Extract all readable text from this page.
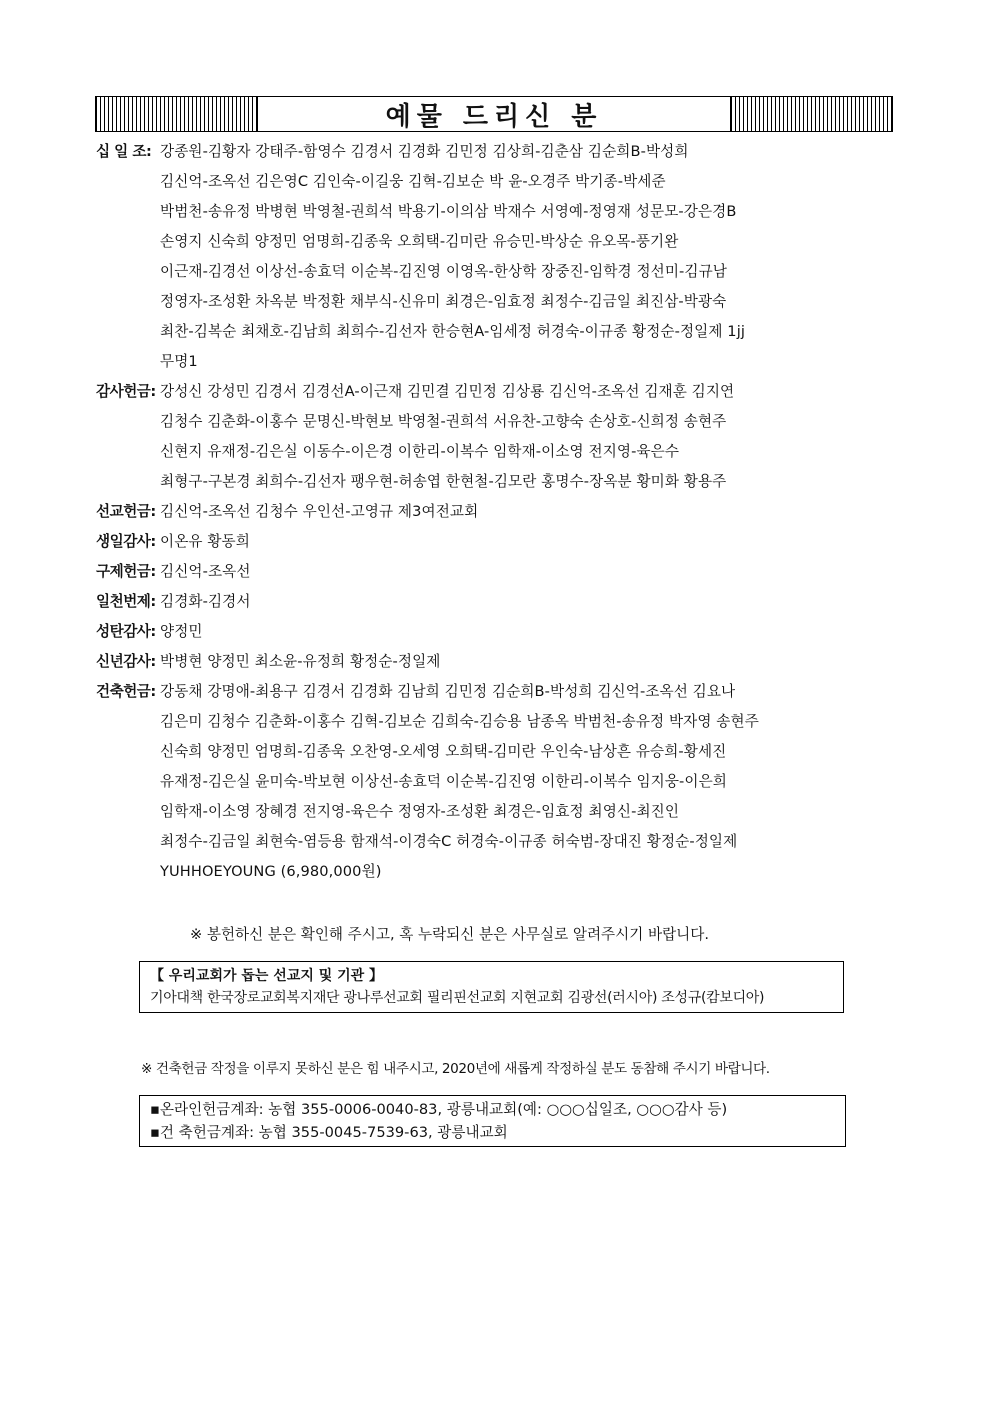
예물 드리신 분
십 일 조: 강종원-김황자 강태주-함영수 김경서 김경화 김민정 김상희-김춘삼 김순희B-박성희
김신억-조옥선 김은영C 김인숙-이길웅 김혁-김보순 박 윤-오경주 박기종-박세준
박범천-송유정 박병현 박영철-권희석 박용기-이의삼 박재수 서영예-정영재 성문모-강은경B
손영지 신숙희 양정민 엄명희-김종욱 오희택-김미란 유승민-박상순 유오목-풍기완
이근재-김경선 이상선-송효덕 이순복-김진영 이영옥-한상학 장중진-임학경 정선미-김규남
정영자-조성환 차옥분 박정환 채부식-신유미 최경은-임효정 최정수-김금일 최진삼-박광숙
최찬-김복순 최채호-김남희 최희수-김선자 한승현A-임세정 허경숙-이규종 황정순-정일제 1jj
무명1
감사헌금: 강성신 강성민 김경서 김경선A-이근재 김민결 김민정 김상룡 김신억-조옥선 김재훈 김지연
김청수 김춘화-이홍수 문명신-박현보 박영철-권희석 서유찬-고향숙 손상호-신희정 송현주
신현지 유재정-김은실 이동수-이은경 이한리-이복수 임학재-이소영 전지영-육은수
최형구-구본경 최희수-김선자 팽우현-허송엽 한현철-김모란 홍명수-장옥분 황미화 황용주
선교헌금: 김신억-조옥선 김청수 우인선-고영규 제3여전교회
생일감사: 이온유 황동희
구제헌금: 김신억-조옥선
일천번제: 김경화-김경서
성탄감사: 양정민
신년감사: 박병현 양정민 최소윤-유정희 황정순-정일제
건축헌금: 강동채 강명애-최용구 김경서 김경화 김남희 김민정 김순희B-박성희 김신억-조옥선 김요나
김은미 김청수 김춘화-이홍수 김혁-김보순 김희숙-김승용 남종옥 박범천-송유정 박자영 송현주
신숙희 양정민 엄명희-김종욱 오찬영-오세영 오희택-김미란 우인숙-남상흔 유승희-황세진
유재정-김은실 윤미숙-박보현 이상선-송효덕 이순복-김진영 이한리-이복수 임지웅-이은희
임학재-이소영 장혜경 전지영-육은수 정영자-조성환 최경은-임효정 최영신-최진인
최정수-김금일 최현숙-염등용 함재석-이경숙C 허경숙-이규종 허숙범-장대진 황정순-정일제
YUHHOEYOUNG (6,980,000원)
※ 봉헌하신 분은 확인해 주시고, 혹 누락되신 분은 사무실로 알려주시기 바랍니다.
【 우리교회가 돕는 선교지 및 기관 】
기아대책 한국장로교회복지재단 광나루선교회 필리핀선교회 지현교회 김광선(러시아) 조성규(캄보디아)
※ 건축헌금 작정을 이루지 못하신 분은 힘 내주시고, 2020년에 새롭게 작정하실 분도 동참해 주시기 바랍니다.
▪온라인헌금계좌: 농협 355-0006-0040-83, 광릉내교회(예: ○○○십일조, ○○○감사 등)
▪건 축헌금계좌: 농협 355-0045-7539-63, 광릉내교회
